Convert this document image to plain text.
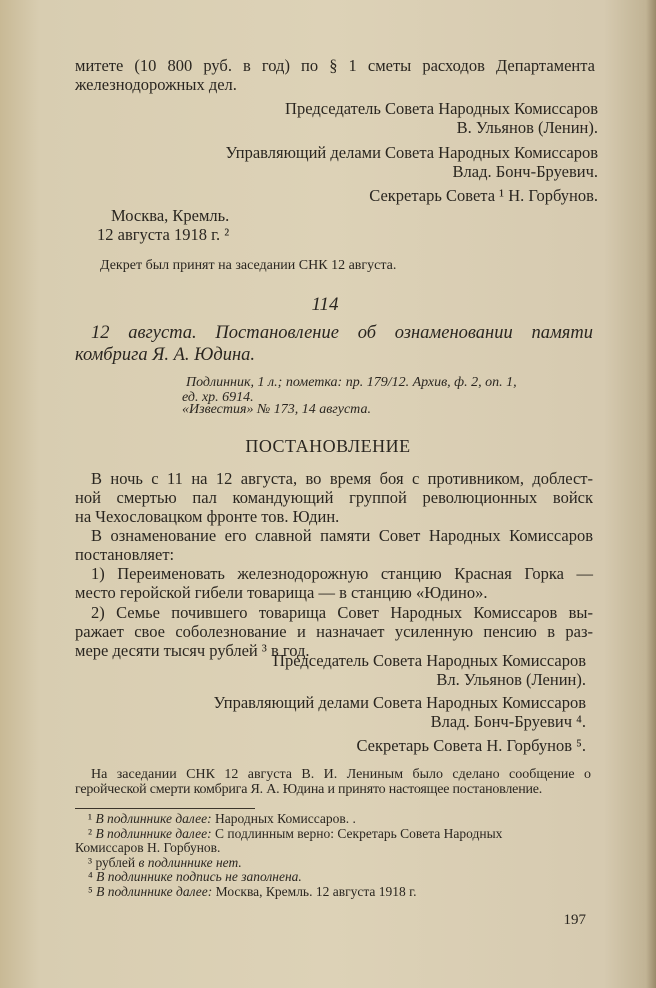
митете (10 800 руб. в год) по § 1 сметы расходов Департамента
железнодорожных дел.
Председатель Совета Народных Комиссаров
В. Ульянов (Ленин).
Управляющий делами Совета Народных Комиссаров
Влад. Бонч-Бруевич.
Секретарь Совета ¹ Н. Горбунов.
Москва, Кремль.
12 августа 1918 г. ²
Декрет был принят на заседании СНК 12 августа.
114
12 августа. Постановление об ознаменовании памяти
комбрига Я. А. Юдина.
Подлинник, 1 л.; пометка: пр. 179/12. Архив, ф. 2, оп. 1,
ед. хр. 6914.
«Известия» № 173, 14 августа.
ПОСТАНОВЛЕНИЕ
В ночь с 11 на 12 августа, во время боя с противником, доблест-
ной смертью пал командующий группой революционных войск
на Чехословацком фронте тов. Юдин.
В ознаменование его славной памяти Совет Народных Комиссаров
постановляет:
1) Переименовать железнодорожную станцию Красная Горка —
место геройской гибели товарища — в станцию «Юдино».
2) Семье почившего товарища Совет Народных Комиссаров вы-
ражает свое соболезнование и назначает усиленную пенсию в раз-
мере десяти тысяч рублей ³ в год.
Председатель Совета Народных Комиссаров
Вл. Ульянов (Ленин).
Управляющий делами Совета Народных Комиссаров
Влад. Бонч-Бруевич ⁴.
Секретарь Совета Н. Горбунов ⁵.
На заседании СНК 12 августа В. И. Лениным было сделано сообщение о
геройческой смерти комбрига Я. А. Юдина и принято настоящее постановление.
¹ В подлиннике далее: Народных Комиссаров. .
² В подлиннике далее: С подлинным верно: Секретарь Совета Народных
Комиссаров Н. Горбунов.
³ рублей в подлиннике нет.
⁴ В подлиннике подпись не заполнена.
⁵ В подлиннике далее: Москва, Кремль. 12 августа 1918 г.
197
